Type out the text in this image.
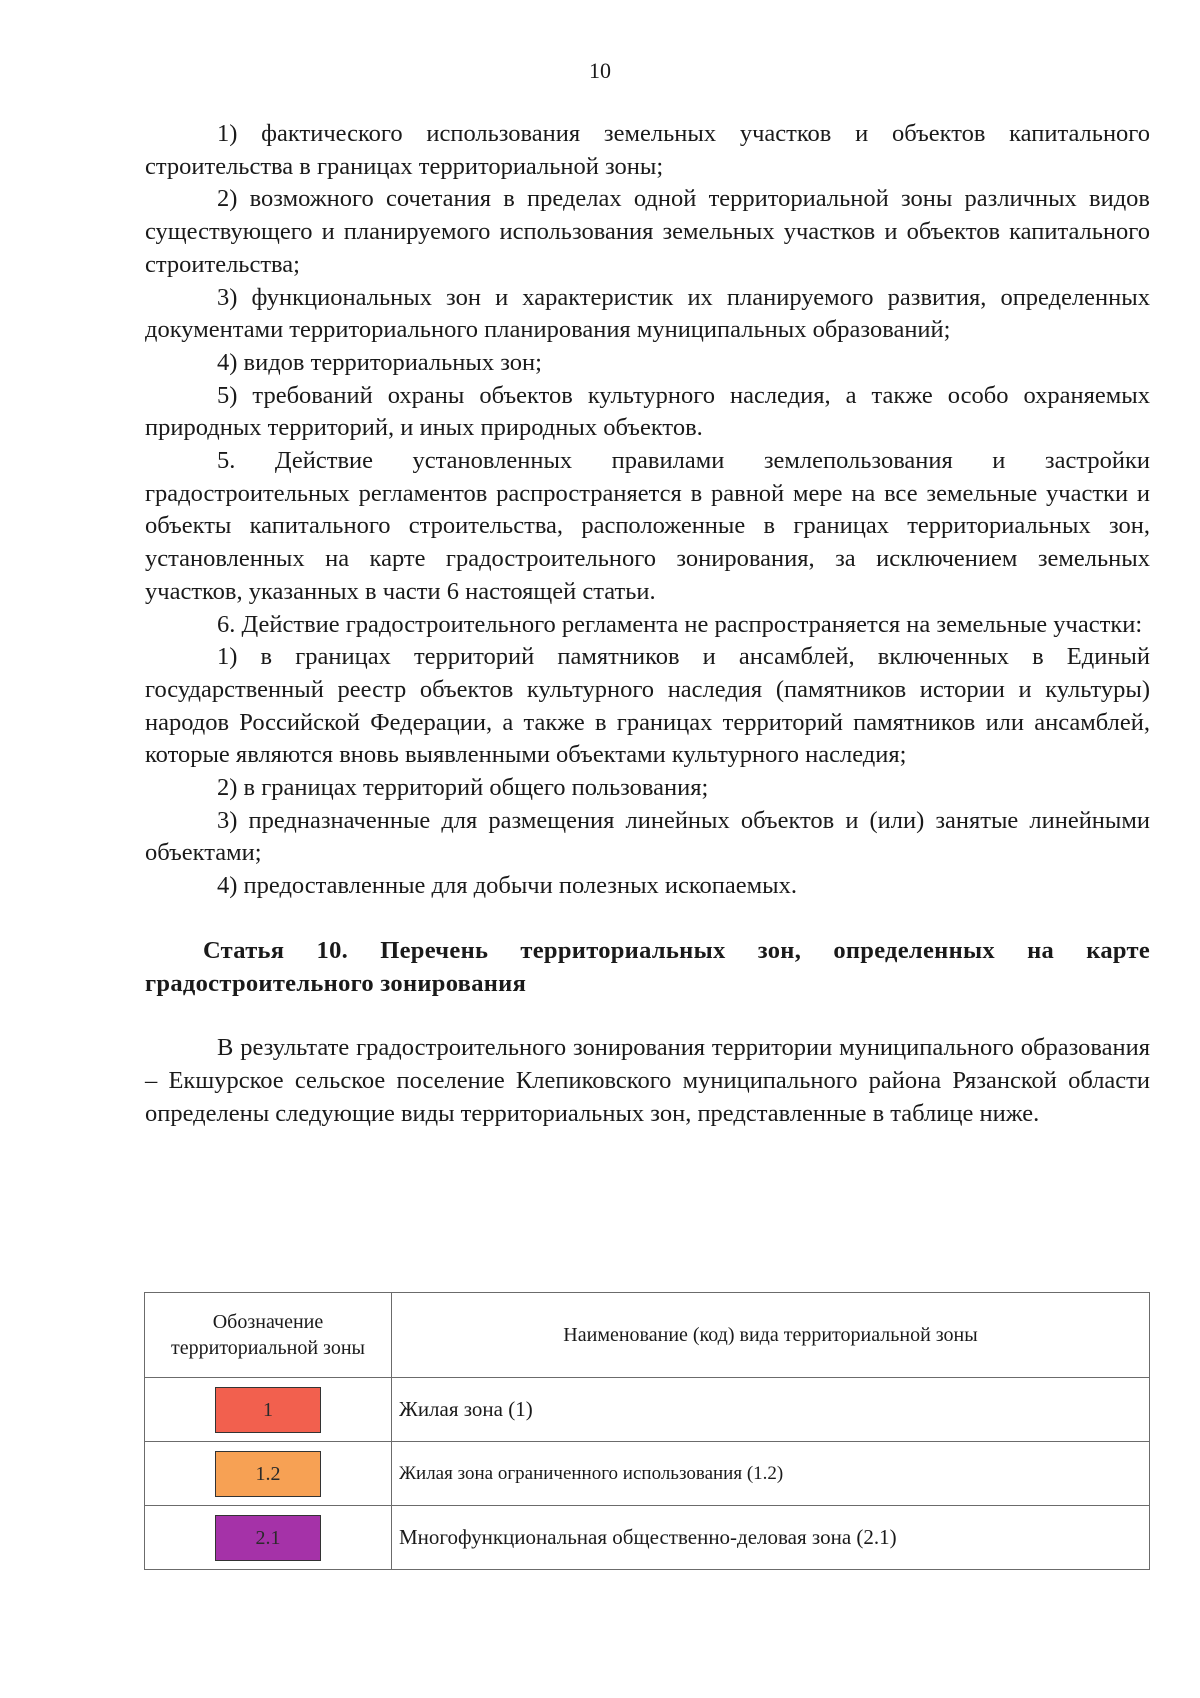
10

1) фактического использования земельных участков и объектов капитального строительства в границах территориальной зоны;

2) возможного сочетания в пределах одной территориальной зоны различных видов существующего и планируемого использования земельных участков и объектов капитального строительства;

3) функциональных зон и характеристик их планируемого развития, определенных документами территориального планирования муниципальных образований;

4) видов территориальных зон;

5) требований охраны объектов культурного наследия, а также особо охраняемых природных территорий, и иных природных объектов.

5. Действие установленных правилами землепользования и застройки градостроительных регламентов распространяется в равной мере на все земельные участки и объекты капитального строительства, расположенные в границах территориальных зон, установленных на карте градостроительного зонирования, за исключением земельных участков, указанных в части 6 настоящей статьи.

6. Действие градостроительного регламента не распространяется на земельные участки:

1) в границах территорий памятников и ансамблей, включенных в Единый государственный реестр объектов культурного наследия (памятников истории и культуры) народов Российской Федерации, а также в границах территорий памятников или ансамблей, которые являются вновь выявленными объектами культурного наследия;

2) в границах территорий общего пользования;

3) предназначенные для размещения линейных объектов и (или) занятые линейными объектами;

4) предоставленные для добычи полезных ископаемых.

Статья 10. Перечень территориальных зон, определенных на карте градостроительного зонирования

В результате градостроительного зонирования территории муниципального образования – Екшурское сельское поселение Клепиковского муниципального района Рязанской области определены следующие виды территориальных зон, представленные в таблице ниже.

Обозначение территориальной зоны	Наименование (код) вида территориальной зоны
1	Жилая зона (1)
1.2	Жилая зона ограниченного использования (1.2)
2.1	Многофункциональная общественно-деловая зона (2.1)
